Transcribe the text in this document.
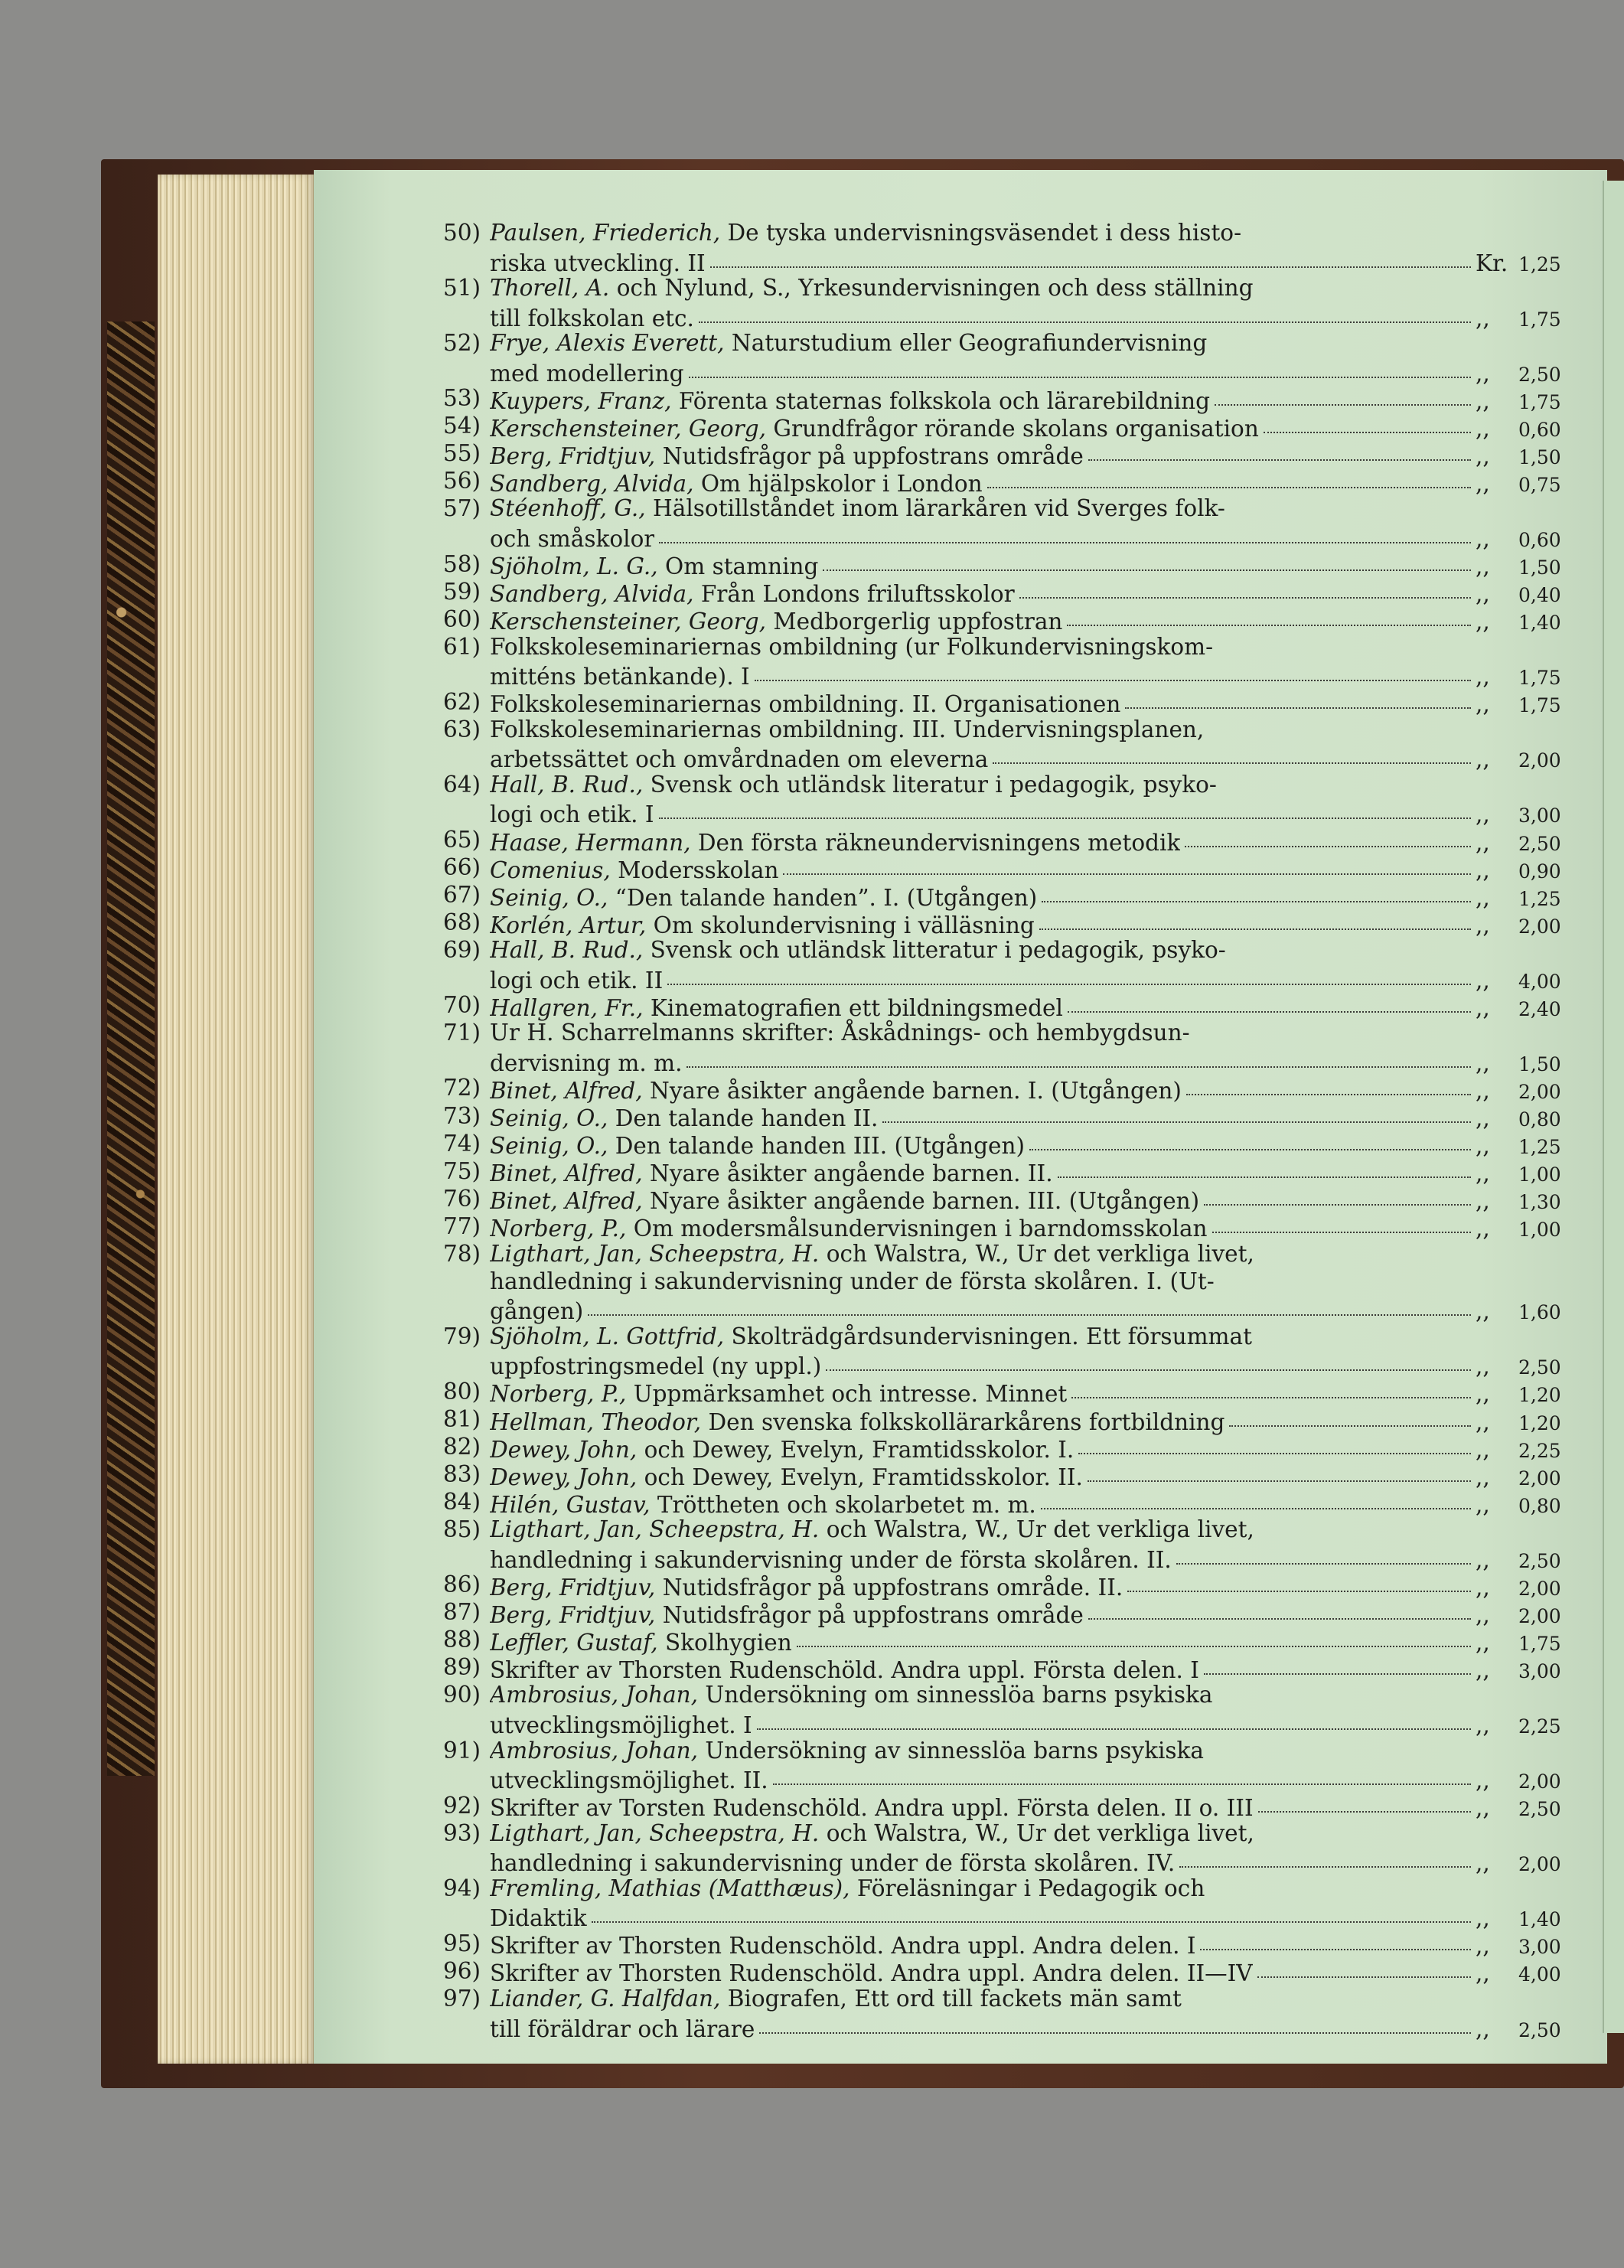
50) Paulsen, Friederich, De tyska undervisningsväsendet i dess histo-
riska utveckling. II	Kr. 1,25
51) Thorell, A. och Nylund, S., Yrkesundervisningen och dess ställning
till folkskolan etc.	,,	1,75
52) Frye, Alexis Everett, Naturstudium eller Geografiundervisning
med modellering	,,	2,50
53) Kuypers, Franz, Förenta staternas folkskola och lärarebildning	,,	1,75
54) Kerschensteiner, Georg, Grundfrågor rörande skolans organisation	,,	0,60
55) Berg, Fridtjuv, Nutidsfrågor på uppfostrans område	,,	1,50
56) Sandberg, Alvida, Om hjälpskolor i London	,,	0,75
57) Stéenhoff, G., Hälsotillståndet inom lärarkåren vid Sverges folk-
och småskolor	,,	0,60
58) Sjöholm, L. G., Om stamning	,,	1,50
59) Sandberg, Alvida, Från Londons friluftsskolor	,,	0,40
60) Kerschensteiner, Georg, Medborgerlig uppfostran	,,	1,40
61) Folkskoleseminariernas ombildning (ur Folkundervisningskom-
mitténs betänkande). I	,,	1,75
62) Folkskoleseminariernas ombildning. II. Organisationen	,,	1,75
63) Folkskoleseminariernas ombildning. III. Undervisningsplanen,
arbetssättet och omvårdnaden om eleverna	,,	2,00
64) Hall, B. Rud., Svensk och utländsk literatur i pedagogik, psyko-
logi och etik. I	,,	3,00
65) Haase, Hermann, Den första räkneundervisningens metodik	,,	2,50
66) Comenius, Modersskolan	,,	0,90
67) Seinig, O., “Den talande handen”. I. (Utgången)	,,	1,25
68) Korlén, Artur, Om skolundervisning i välläsning	,,	2,00
69) Hall, B. Rud., Svensk och utländsk litteratur i pedagogik, psyko-
logi och etik. II	,,	4,00
70) Hallgren, Fr., Kinematografien ett bildningsmedel	,,	2,40
71) Ur H. Scharrelmanns skrifter: Åskådnings- och hembygdsun-
dervisning m. m.	,,	1,50
72) Binet, Alfred, Nyare åsikter angående barnen. I. (Utgången)	,,	2,00
73) Seinig, O., Den talande handen II.	,,	0,80
74) Seinig, O., Den talande handen III. (Utgången)	,,	1,25
75) Binet, Alfred, Nyare åsikter angående barnen. II.	,,	1,00
76) Binet, Alfred, Nyare åsikter angående barnen. III. (Utgången)	,,	1,30
77) Norberg, P., Om modersmålsundervisningen i barndomsskolan	,,	1,00
78) Ligthart, Jan, Scheepstra, H. och Walstra, W., Ur det verkliga livet,
handledning i sakundervisning under de första skolåren. I. (Ut-
gången)	,,	1,60
79) Sjöholm, L. Gottfrid, Skolträdgårdsundervisningen. Ett försummat
uppfostringsmedel (ny uppl.)	,,	2,50
80) Norberg, P., Uppmärksamhet och intresse. Minnet	,,	1,20
81) Hellman, Theodor, Den svenska folkskollärarkårens fortbildning	,,	1,20
82) Dewey, John, och Dewey, Evelyn, Framtidsskolor. I.	,,	2,25
83) Dewey, John, och Dewey, Evelyn, Framtidsskolor. II.	,,	2,00
84) Hilén, Gustav, Tröttheten och skolarbetet m. m.	,,	0,80
85) Ligthart, Jan, Scheepstra, H. och Walstra, W., Ur det verkliga livet,
handledning i sakundervisning under de första skolåren. II.	,,	2,50
86) Berg, Fridtjuv, Nutidsfrågor på uppfostrans område. II.	,,	2,00
87) Berg, Fridtjuv, Nutidsfrågor på uppfostrans område	,,	2,00
88) Leffler, Gustaf, Skolhygien	,,	1,75
89) Skrifter av Thorsten Rudenschöld. Andra uppl. Första delen. I	,,	3,00
90) Ambrosius, Johan, Undersökning om sinnesslöa barns psykiska
utvecklingsmöjlighet. I	,,	2,25
91) Ambrosius, Johan, Undersökning av sinnesslöa barns psykiska
utvecklingsmöjlighet. II.	,,	2,00
92) Skrifter av Torsten Rudenschöld. Andra uppl. Första delen. II o. III	,,	2,50
93) Ligthart, Jan, Scheepstra, H. och Walstra, W., Ur det verkliga livet,
handledning i sakundervisning under de första skolåren. IV.	,,	2,00
94) Fremling, Mathias (Matthæus), Föreläsningar i Pedagogik och
Didaktik	,,	1,40
95) Skrifter av Thorsten Rudenschöld. Andra uppl. Andra delen. I	,,	3,00
96) Skrifter av Thorsten Rudenschöld. Andra uppl. Andra delen. II—IV	,,	4,00
97) Liander, G. Halfdan, Biografen, Ett ord till fackets män samt
till föräldrar och lärare	,,	2,50
